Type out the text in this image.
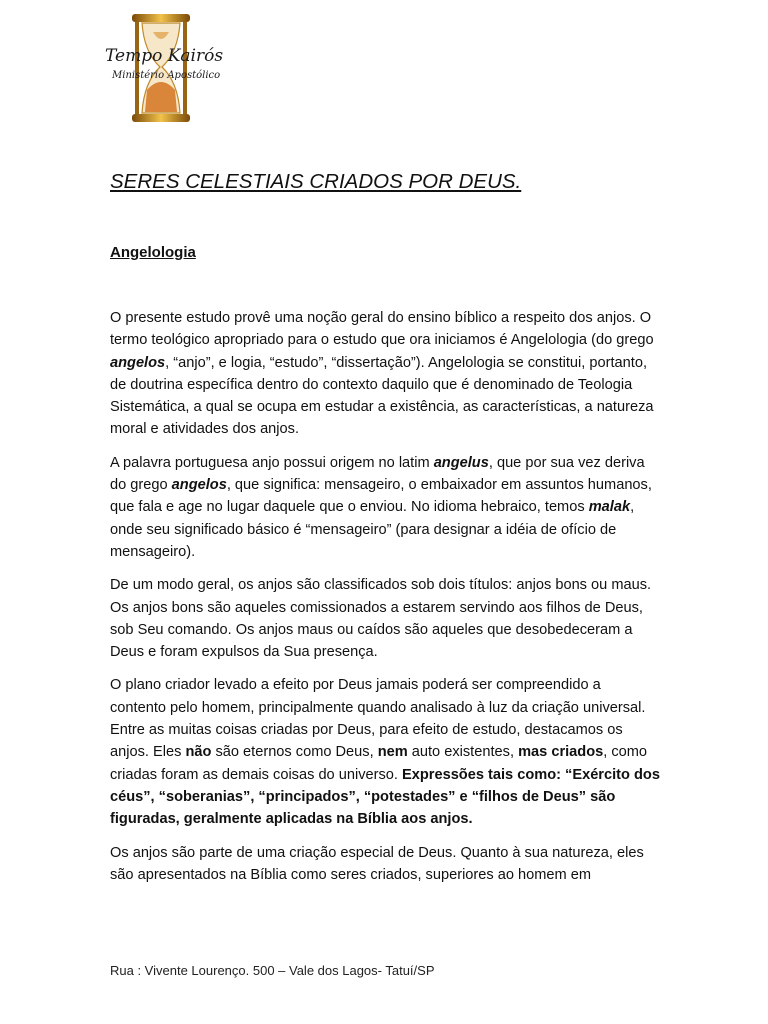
Tempo Kairós
Ministério Apostólico
SERES CELESTIAIS CRIADOS POR DEUS.
Angelologia

O presente estudo provê uma noção geral do ensino bíblico a respeito dos anjos. O termo teológico apropriado para o estudo que ora iniciamos é Angelologia (do grego angelos, “anjo”, e logia, “estudo”, “dissertação”). Angelologia se constitui, portanto, de doutrina específica dentro do contexto daquilo que é denominado de Teologia Sistemática, a qual se ocupa em estudar a existência, as características, a natureza moral e atividades dos anjos.

A palavra portuguesa anjo possui origem no latim angelus, que por sua vez deriva do grego angelos, que significa: mensageiro, o embaixador em assuntos humanos, que fala e age no lugar daquele que o enviou. No idioma hebraico, temos malak, onde seu significado básico é “mensageiro” (para designar a idéia de ofício de mensageiro).

De um modo geral, os anjos são classificados sob dois títulos: anjos bons ou maus. Os anjos bons são aqueles comissionados a estarem servindo aos filhos de Deus, sob Seu comando. Os anjos maus ou caídos são aqueles que desobedeceram a Deus e foram expulsos da Sua presença.

O plano criador levado a efeito por Deus jamais poderá ser compreendido a contento pelo homem, principalmente quando analisado à luz da criação universal. Entre as muitas coisas criadas por Deus, para efeito de estudo, destacamos os anjos. Eles não são eternos como Deus, nem auto existentes, mas criados, como criadas foram as demais coisas do universo. Expressões tais como: “Exército dos céus”, “soberanias”, “principados”, “potestades” e “filhos de Deus” são figuradas, geralmente aplicadas na Bíblia aos anjos.

Os anjos são parte de uma criação especial de Deus. Quanto à sua natureza, eles são apresentados na Bíblia como seres criados, superiores ao homem em

Rua : Vivente Lourenço. 500 – Vale dos Lagos- Tatuí/SP
